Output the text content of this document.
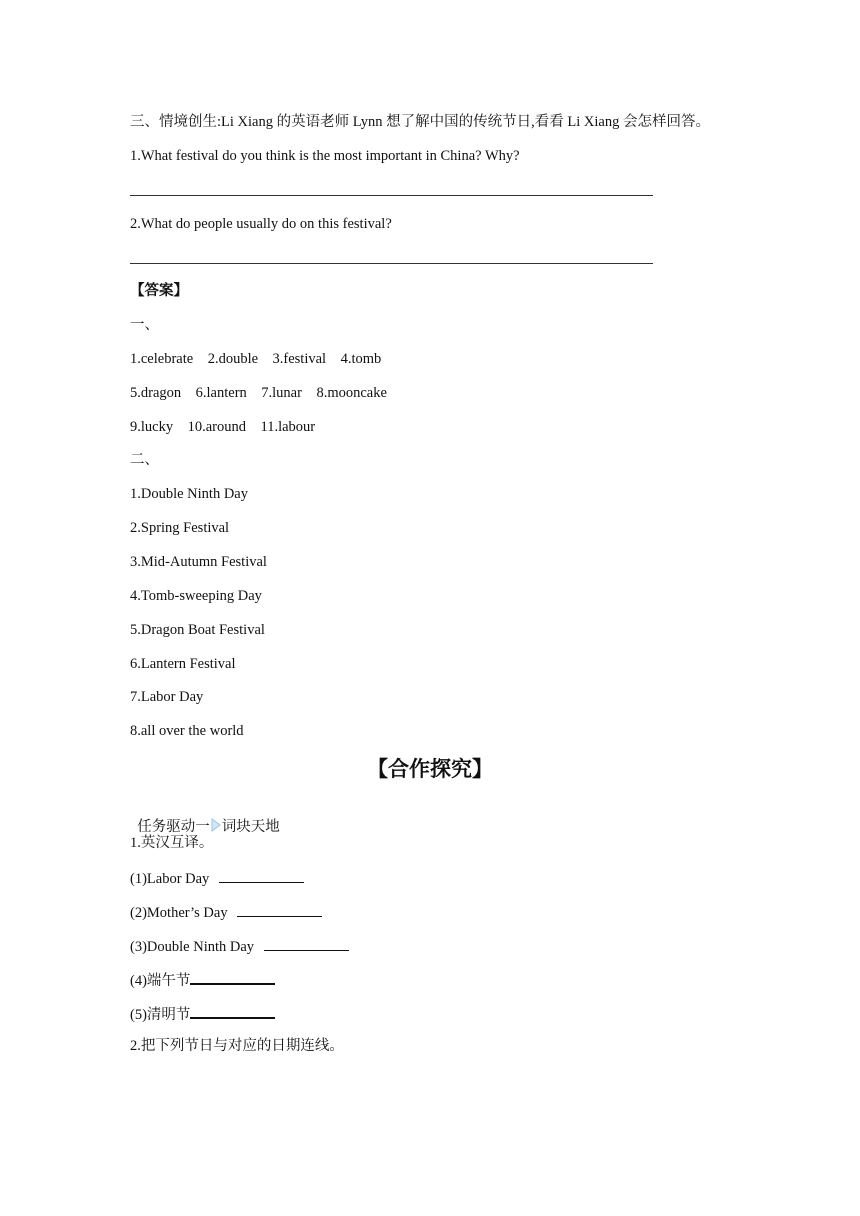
三、情境创生:Li Xiang 的英语老师 Lynn 想了解中国的传统节日,看看 Li Xiang 会怎样回答。
1.What festival do you think is the most important in China? Why?
2.What do people usually do on this festival?
【答案】
一、
1.celebrate    2.double    3.festival    4.tomb
5.dragon    6.lantern    7.lunar    8.mooncake
9.lucky    10.around    11.labour
二、
1.Double Ninth Day
2.Spring Festival
3.Mid-Autumn Festival
4.Tomb-sweeping Day
5.Dragon Boat Festival
6.Lantern Festival
7.Labor Day
8.all over the world
【合作探究】

任务驱动一 词块天地

1.英汉互译。
(1)Labor Day
(2)Mother’s Day
(3)Double Ninth Day
(4)端午节
(5)清明节
2.把下列节日与对应的日期连线。
